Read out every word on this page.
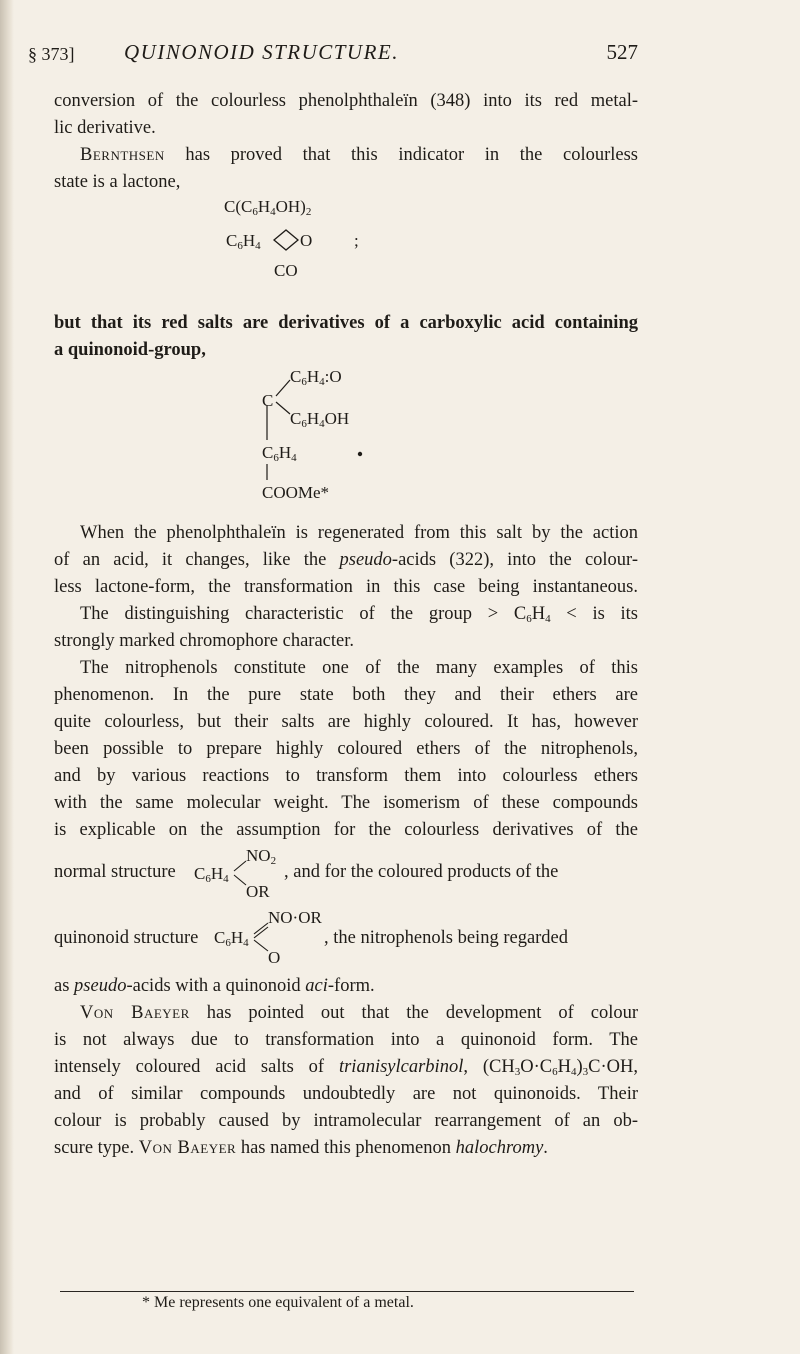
§ 373] QUINONOID STRUCTURE.	527
conversion of the colourless phenolphthaleïn (348) into its red metal-
lic derivative.
Bernthsen has proved that this indicator in the colourless
state is a lactone,
C(C6H4OH)2
C6H4 O ;
CO
but that its red salts are derivatives of a carboxylic acid containing
a quinonoid-group,
C
C6H4:O
C6H4OH
C6H4
COOMe*
When the phenolphthaleïn is regenerated from this salt by the action
of an acid, it changes, like the pseudo-acids (322), into the colour-
less lactone-form, the transformation in this case being instantaneous.
The distinguishing characteristic of the group > $C_6H_4$ < is its
strongly marked chromophore character.
The nitrophenols constitute one of the many examples of this
phenomenon. In the pure state both they and their ethers are
quite colourless, but their salts are highly coloured. It has, however
been possible to prepare highly coloured ethers of the nitrophenols,
and by various reactions to transform them into colourless ethers
with the same molecular weight. The isomerism of these compounds
is explicable on the assumption for the colourless derivatives of the
normal structure C6H4
NO2
OR
, and for the coloured products of the
quinonoid structure C6H4
NO·OR
O
, the nitrophenols being regarded
as pseudo-acids with a quinonoid aci-form.
Von Baeyer has pointed out that the development of colour
is not always due to transformation into a quinonoid form. The
intensely coloured acid salts of trianisylcarbinol, $(CH_3O\cdot C_6H_4)_3C\cdot OH$,
and of similar compounds undoubtedly are not quinonoids. Their
colour is probably caused by intramolecular rearrangement of an ob-
scure type. Von Baeyer has named this phenomenon halochromy.
* Me represents one equivalent of a metal.
